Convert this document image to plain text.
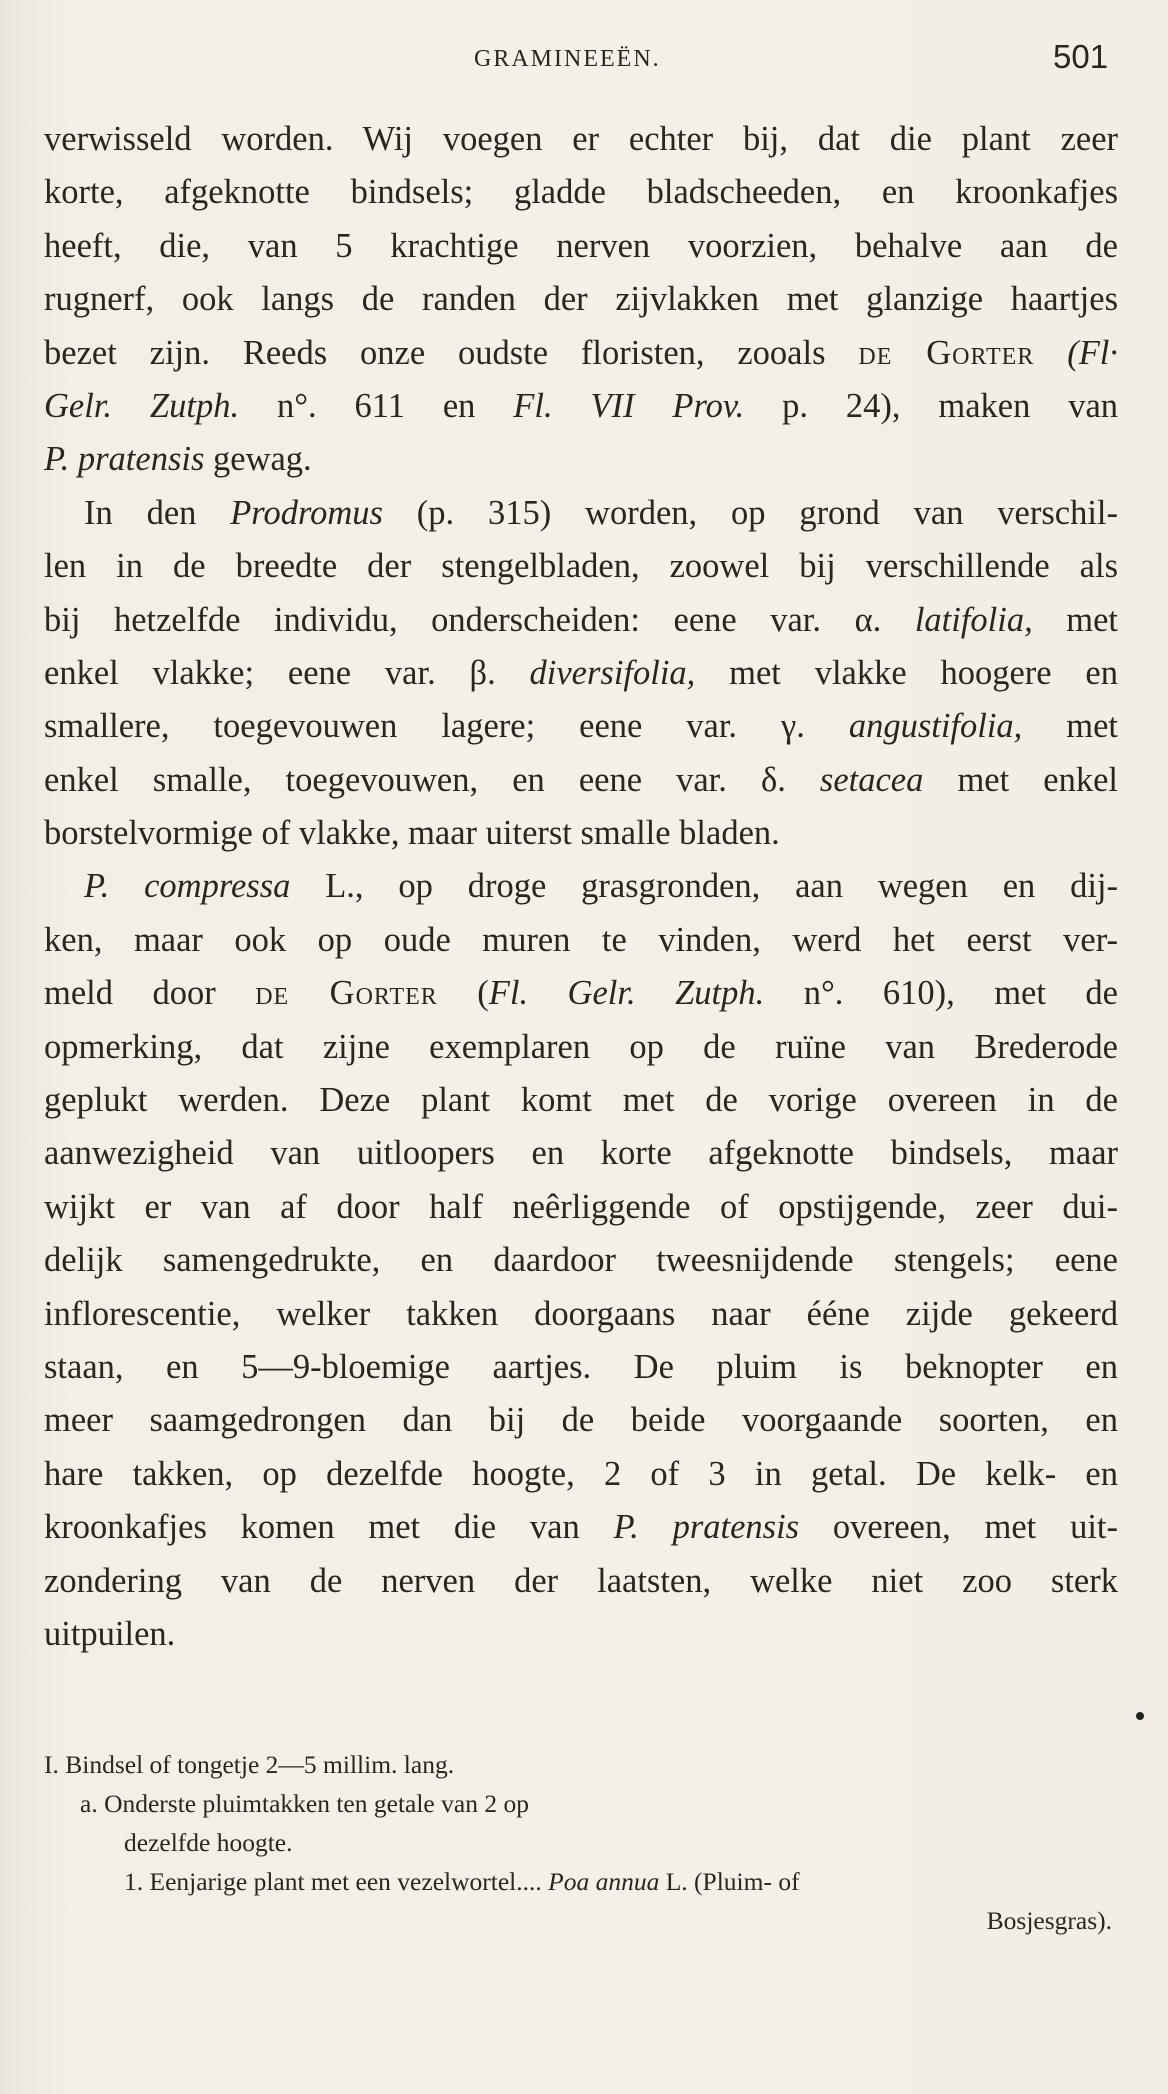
GRAMINEEËN.	501

verwisseld worden. Wij voegen er echter bij, dat die plant zeer
korte, afgeknotte bindsels; gladde bladscheeden, en kroonkafjes
heeft, die, van 5 krachtige nerven voorzien, behalve aan de
rugnerf, ook langs de randen der zijvlakken met glanzige haartjes
bezet zijn. Reeds onze oudste floristen, zooals de Gorter (Fl·
Gelr. Zutph. n°. 611 en Fl. VII Prov. p. 24), maken van
P. pratensis gewag.

In den Prodromus (p. 315) worden, op grond van verschil-
len in de breedte der stengelbladen, zoowel bij verschillende als
bij hetzelfde individu, onderscheiden: eene var. α. latifolia, met
enkel vlakke; eene var. β. diversifolia, met vlakke hoogere en
smallere, toegevouwen lagere; eene var. γ. angustifolia, met
enkel smalle, toegevouwen, en eene var. δ. setacea met enkel
borstelvormige of vlakke, maar uiterst smalle bladen.

P. compressa L., op droge grasgronden, aan wegen en dij-
ken, maar ook op oude muren te vinden, werd het eerst ver-
meld door de Gorter (Fl. Gelr. Zutph. n°. 610), met de
opmerking, dat zijne exemplaren op de ruïne van Brederode
geplukt werden. Deze plant komt met de vorige overeen in de
aanwezigheid van uitloopers en korte afgeknotte bindsels, maar
wijkt er van af door half neêrliggende of opstijgende, zeer dui-
delijk samengedrukte, en daardoor tweesnijdende stengels; eene
inflorescentie, welker takken doorgaans naar ééne zijde gekeerd
staan, en 5—9-bloemige aartjes. De pluim is beknopter en
meer saamgedrongen dan bij de beide voorgaande soorten, en
hare takken, op dezelfde hoogte, 2 of 3 in getal. De kelk- en
kroonkafjes komen met die van P. pratensis overeen, met uit-
zondering van de nerven der laatsten, welke niet zoo sterk
uitpuilen.

I. Bindsel of tongetje 2—5 millim. lang.
a. Onderste pluimtakken ten getale van 2 op
dezelfde hoogte.
1. Eenjarige plant met een vezelwortel.... Poa annua L. (Pluim- of
Bosjesgras).
